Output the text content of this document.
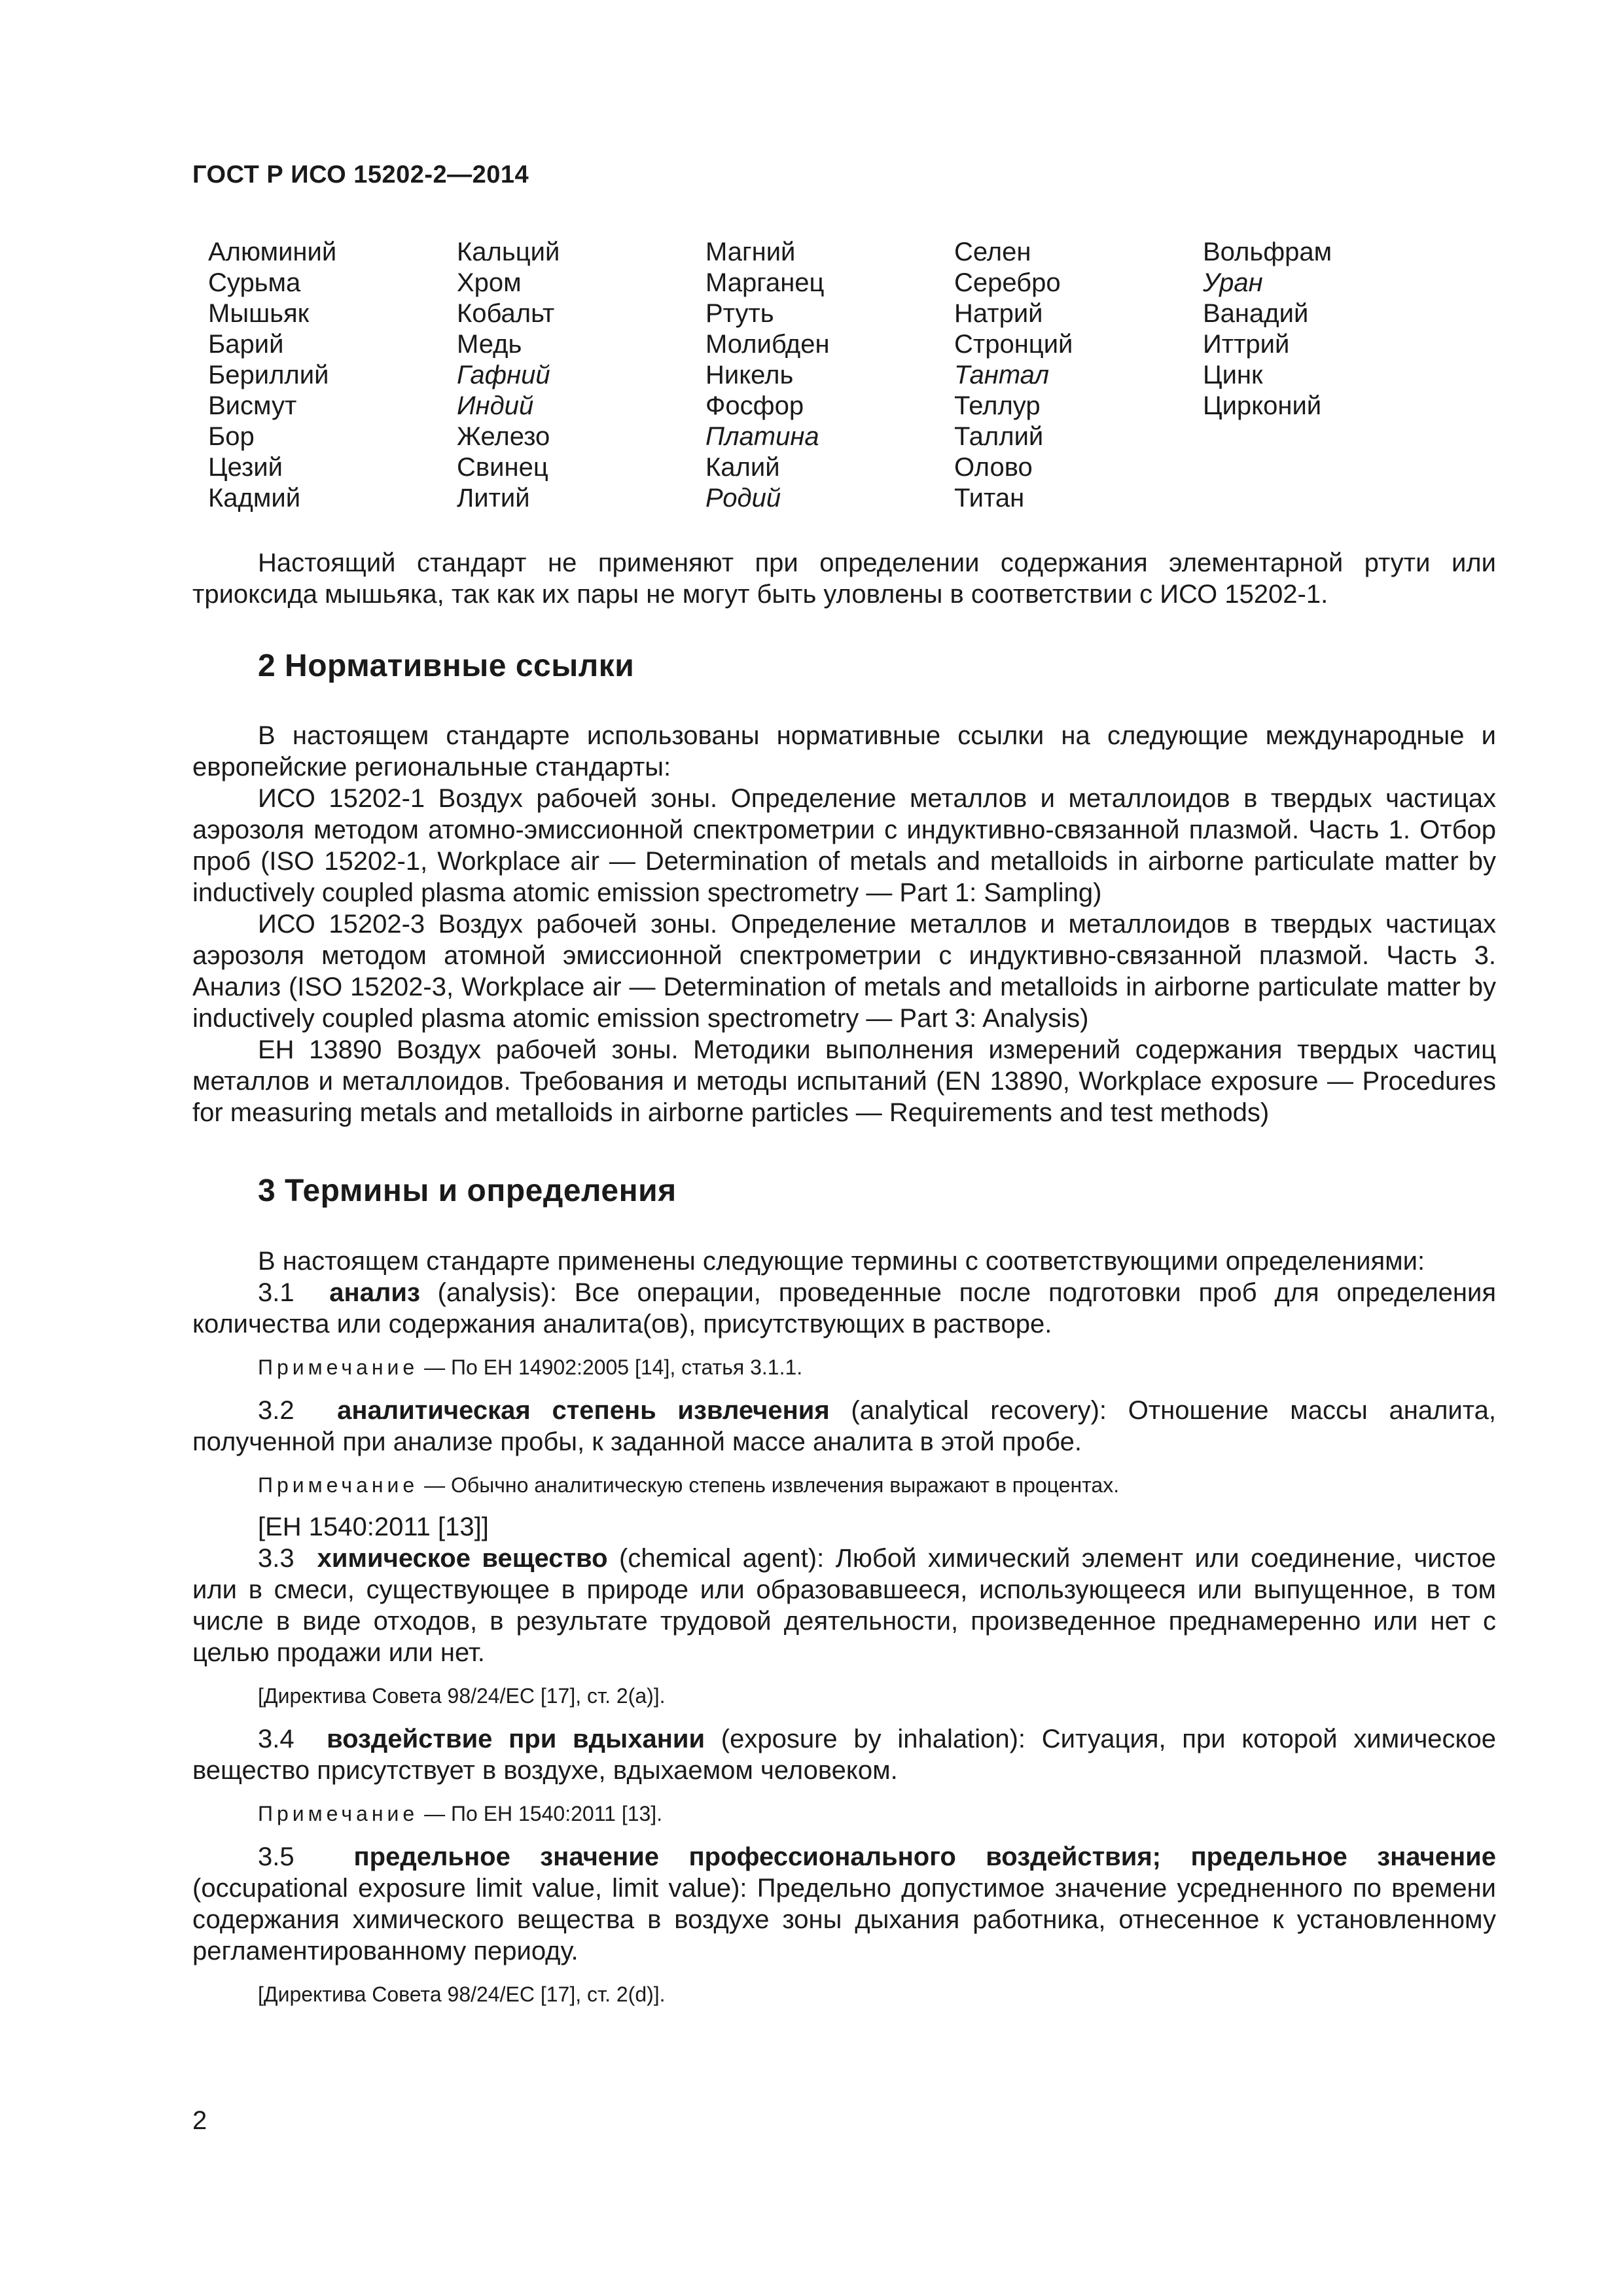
ГОСТ Р ИСО 15202-2—2014
Алюминий
Сурьма
Мышьяк
Барий
Бериллий
Висмут
Бор
Цезий
Кадмий
Кальций
Хром
Кобальт
Медь
Гафний
Индий
Железо
Свинец
Литий
Магний
Марганец
Ртуть
Молибден
Никель
Фосфор
Платина
Калий
Родий
Селен
Серебро
Натрий
Стронций
Тантал
Теллур
Таллий
Олово
Титан
Вольфрам
Уран
Ванадий
Иттрий
Цинк
Цирконий

Настоящий стандарт не применяют при определении содержания элементарной ртути или триоксида мышьяка, так как их пары не могут быть уловлены в соответствии с ИСО 15202-1.

2 Нормативные ссылки

В настоящем стандарте использованы нормативные ссылки на следующие международные и европейские региональные стандарты:

ИСО 15202-1 Воздух рабочей зоны. Определение металлов и металлоидов в твердых частицах аэрозоля методом атомно-эмиссионной спектрометрии с индуктивно-связанной плазмой. Часть 1. Отбор проб (ISO 15202-1, Workplace air — Determination of metals and metalloids in airborne particulate matter by inductively coupled plasma atomic emission spectrometry — Part 1: Sampling)

ИСО 15202-3 Воздух рабочей зоны. Определение металлов и металлоидов в твердых частицах аэрозоля методом атомной эмиссионной спектрометрии с индуктивно-связанной плазмой. Часть 3. Анализ (ISO 15202-3, Workplace air — Determination of metals and metalloids in airborne particulate matter by inductively coupled plasma atomic emission spectrometry — Part 3: Analysis)

ЕН 13890 Воздух рабочей зоны. Методики выполнения измерений содержания твердых частиц металлов и металлоидов. Требования и методы испытаний (EN 13890, Workplace exposure — Procedures for measuring metals and metalloids in airborne particles — Requirements and test methods)

3 Термины и определения

В настоящем стандарте применены следующие термины с соответствующими определениями:

3.1 анализ (analysis): Все операции, проведенные после подготовки проб для определения количества или содержания аналита(ов), присутствующих в растворе.

Примечание — По ЕН 14902:2005 [14], статья 3.1.1.

3.2 аналитическая степень извлечения (analytical recovery): Отношение массы аналита, полученной при анализе пробы, к заданной массе аналита в этой пробе.

Примечание — Обычно аналитическую степень извлечения выражают в процентах.

[ЕН 1540:2011 [13]]

3.3 химическое вещество (chemical agent): Любой химический элемент или соединение, чистое или в смеси, существующее в природе или образовавшееся, использующееся или выпущенное, в том числе в виде отходов, в результате трудовой деятельности, произведенное преднамеренно или нет с целью продажи или нет.

[Директива Совета 98/24/ЕС [17], ст. 2(а)].

3.4 воздействие при вдыхании (exposure by inhalation): Ситуация, при которой химическое вещество присутствует в воздухе, вдыхаемом человеком.

Примечание — По ЕН 1540:2011 [13].

3.5 предельное значение профессионального воздействия; предельное значение (occupational exposure limit value, limit value): Предельно допустимое значение усредненного по времени содержания химического вещества в воздухе зоны дыхания работника, отнесенное к установленному регламентированному периоду.

[Директива Совета 98/24/ЕС [17], ст. 2(d)].

2
